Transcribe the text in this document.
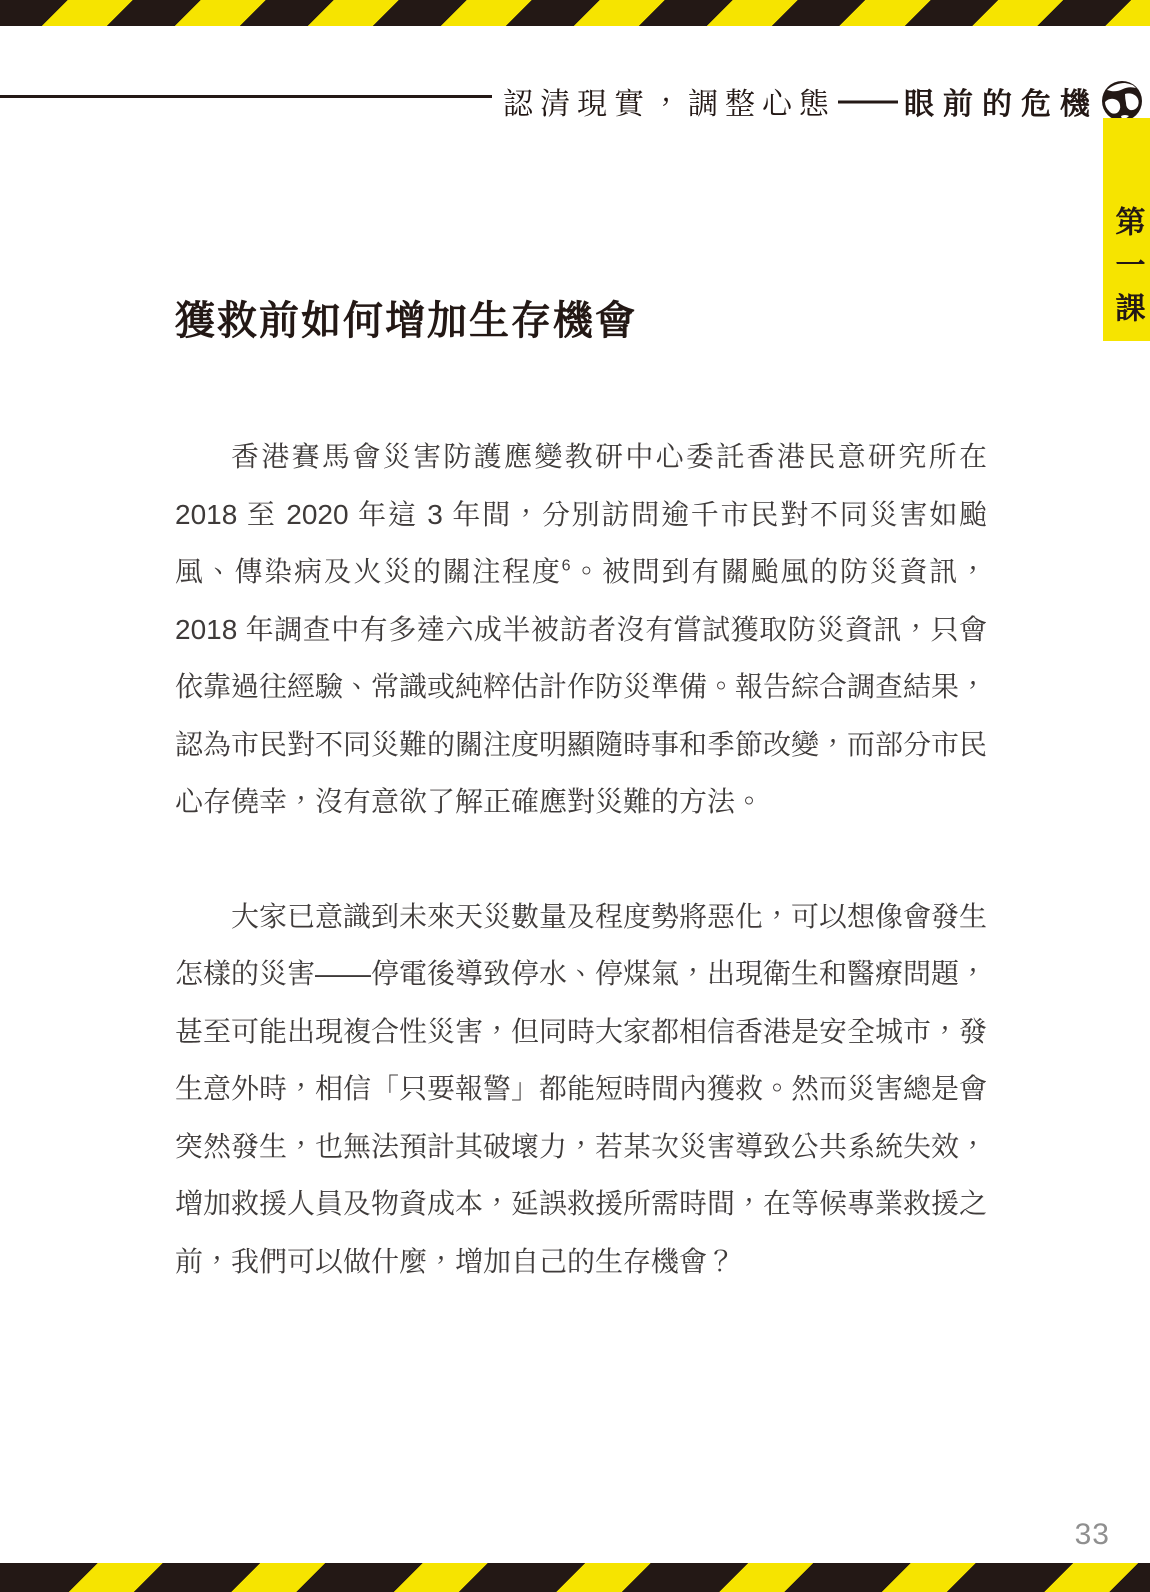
認清現實，調整心態 —— 眼前的危機
第一課
獲救前如何增加生存機會

香港賽馬會災害防護應變教研中心委託香港民意研究所在 2018 至 2020 年這 3 年間，分別訪問逾千市民對不同災害如颱風、傳染病及火災的關注程度$^6$。被問到有關颱風的防災資訊，2018 年調查中有多達六成半被訪者沒有嘗試獲取防災資訊，只會依靠過往經驗、常識或純粹估計作防災準備。報告綜合調查結果，認為市民對不同災難的關注度明顯隨時事和季節改變，而部分市民心存僥幸，沒有意欲了解正確應對災難的方法。

大家已意識到未來天災數量及程度勢將惡化，可以想像會發生怎樣的災害——停電後導致停水、停煤氣，出現衛生和醫療問題，甚至可能出現複合性災害，但同時大家都相信香港是安全城市，發生意外時，相信「只要報警」都能短時間內獲救。然而災害總是會突然發生，也無法預計其破壞力，若某次災害導致公共系統失效，增加救援人員及物資成本，延誤救援所需時間，在等候專業救援之前，我們可以做什麼，增加自己的生存機會？

33
